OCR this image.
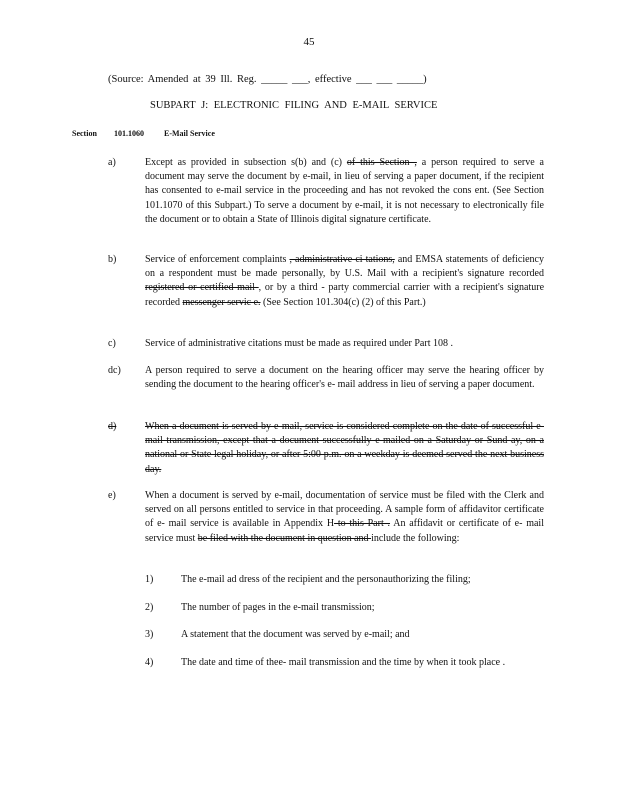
45
(Source: Amended at 39 Ill. Reg. _____ ___, effective ___ ___ _____)
SUBPART J: ELECTRONIC FILING AND E-MAIL SERVICE
Section 101.1060	E-Mail Service
a)	Except as provided in subsection s(b) and (c) of this Section , a person required to serve a document may serve the document by e-mail, in lieu of serving a paper document, if the recipient has consented to e-mail service in the proceeding and has not revoked the cons ent. (See Section 101.1070 of this Subpart.) To serve a document by e-mail, it is not necessary to electronically file the document or to obtain a State of Illinois digital signature certificate.
b)	Service of enforcement complaints , administrative ci tations, and EMSA statements of deficiency on a respondent must be made personally, by U.S. Mail with a recipient's signature recorded registered or certified mail , or by a third - party commercial carrier with a recipient's signature recorded messenger servic e. (See Section 101.304(c) (2) of this Part.)
c)	Service of administrative citations must be made as required under Part 108 .
dc) A person required to serve a document on the hearing officer may serve the hearing officer by sending the document to the hearing officer's e- mail address in lieu of serving a paper document.
d)	When a document is served by e-mail, service is considered complete on the date of successful e-mail transmission, except that a document successfully e-mailed on a Saturday or Sund ay, on a national or State legal holiday, or after 5:00 p.m. on a weekday is deemed served the next business day.
e)	When a document is served by e-mail, documentation of service must be filed with the Clerk and served on all persons entitled to service in that proceeding. A sample form of affidavitor certificate of e- mail service is available in Appendix H to this Part . An affidavit or certificate of e- mail service must be filed with the document in question and include the following:
1)	The e-mail ad dress of the recipient and the personauthorizing the filing;
2)	The number of pages in the e-mail transmission;
3)	A statement that the document was served by e-mail; and
4)	The date and time of thee- mail transmission and the time by when it took place .
